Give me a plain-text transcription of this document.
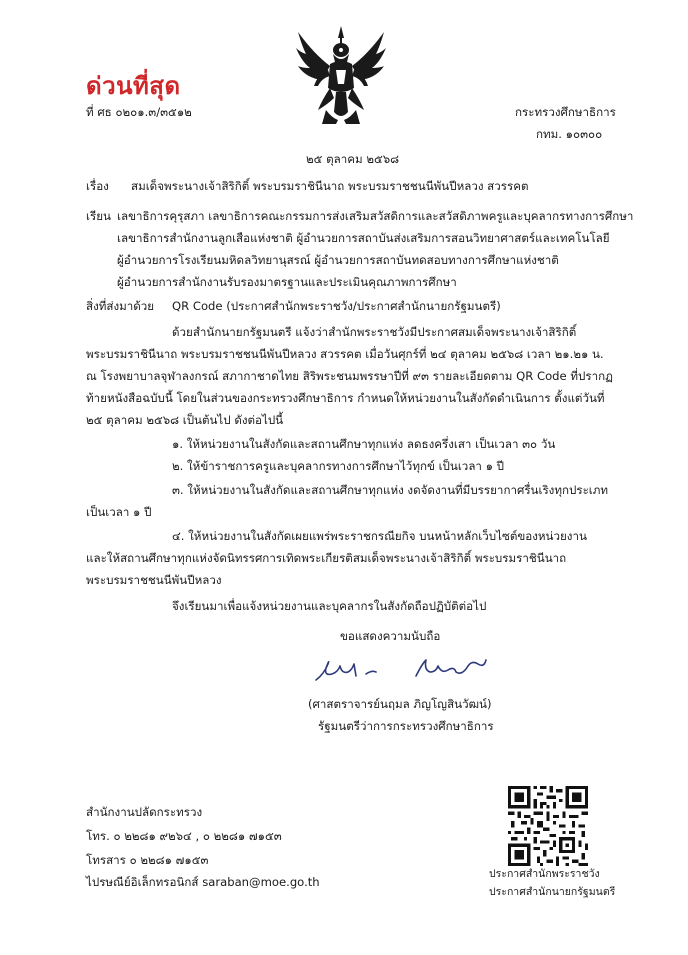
ด่วนที่สุด
ที่ ศธ ๐๒๐๑.๓/๓๕๑๒	กระทรวงศึกษาธิการ
กทม. ๑๐๓๐๐
๒๕ ตุลาคม ๒๕๖๘
เรื่อง สมเด็จพระนางเจ้าสิริกิติ์ พระบรมราชินีนาถ พระบรมราชชนนีพันปีหลวง สวรรคต
เรียน เลขาธิการคุรุสภา เลขาธิการคณะกรรมการส่งเสริมสวัสดิการและสวัสดิภาพครูและบุคลากรทางการศึกษา
เลขาธิการสำนักงานลูกเสือแห่งชาติ ผู้อำนวยการสถาบันส่งเสริมการสอนวิทยาศาสตร์และเทคโนโลยี
ผู้อำนวยการโรงเรียนมหิดลวิทยานุสรณ์ ผู้อำนวยการสถาบันทดสอบทางการศึกษาแห่งชาติ
ผู้อำนวยการสำนักงานรับรองมาตรฐานและประเมินคุณภาพการศึกษา
สิ่งที่ส่งมาด้วย QR Code (ประกาศสำนักพระราชวัง/ประกาศสำนักนายกรัฐมนตรี)
ด้วยสำนักนายกรัฐมนตรี แจ้งว่าสำนักพระราชวังมีประกาศสมเด็จพระนางเจ้าสิริกิติ์
พระบรมราชินีนาถ พระบรมราชชนนีพันปีหลวง สวรรคต เมื่อวันศุกร์ที่ ๒๔ ตุลาคม ๒๕๖๘ เวลา ๒๑.๒๑ น.
ณ โรงพยาบาลจุฬาลงกรณ์ สภากาชาดไทย สิริพระชนมพรรษาปีที่ ๙๓ รายละเอียดตาม QR Code ที่ปรากฏ
ท้ายหนังสือฉบับนี้ โดยในส่วนของกระทรวงศึกษาธิการ กำหนดให้หน่วยงานในสังกัดดำเนินการ ตั้งแต่วันที่
๒๕ ตุลาคม ๒๕๖๘ เป็นต้นไป ดังต่อไปนี้
๑. ให้หน่วยงานในสังกัดและสถานศึกษาทุกแห่ง ลดธงครึ่งเสา เป็นเวลา ๓๐ วัน
๒. ให้ข้าราชการครูและบุคลากรทางการศึกษาไว้ทุกข์ เป็นเวลา ๑ ปี
๓. ให้หน่วยงานในสังกัดและสถานศึกษาทุกแห่ง งดจัดงานที่มีบรรยากาศรื่นเริงทุกประเภท
เป็นเวลา ๑ ปี
๔. ให้หน่วยงานในสังกัดเผยแพร่พระราชกรณียกิจ บนหน้าหลักเว็บไซต์ของหน่วยงาน
และให้สถานศึกษาทุกแห่งจัดนิทรรศการเทิดพระเกียรติสมเด็จพระนางเจ้าสิริกิติ์ พระบรมราชินีนาถ
พระบรมราชชนนีพันปีหลวง
จึงเรียนมาเพื่อแจ้งหน่วยงานและบุคลากรในสังกัดถือปฏิบัติต่อไป
ขอแสดงความนับถือ
(ศาสตราจารย์นฤมล ภิญโญสินวัฒน์)
รัฐมนตรีว่าการกระทรวงศึกษาธิการ
สำนักงานปลัดกระทรวง
โทร. ๐ ๒๒๘๑ ๙๒๖๔ , ๐ ๒๒๘๑ ๗๑๕๓
โทรสาร ๐ ๒๒๘๑ ๗๑๕๓
ไปรษณีย์อิเล็กทรอนิกส์ saraban@moe.go.th
ประกาศสำนักพระราชวัง
ประกาศสำนักนายกรัฐมนตรี
